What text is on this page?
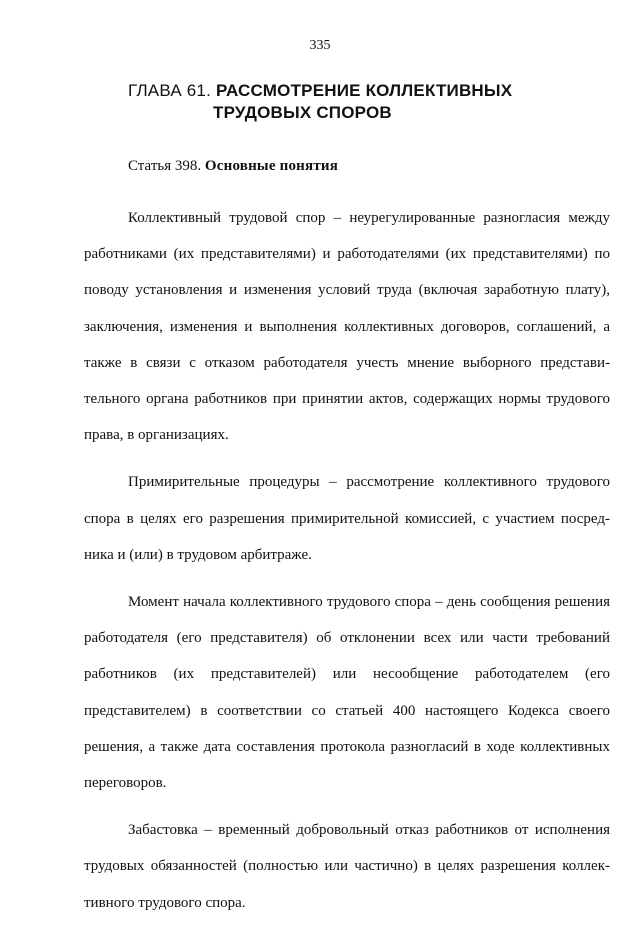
335
ГЛАВА 61. РАССМОТРЕНИЕ КОЛЛЕКТИВНЫХ
ТРУДОВЫХ СПОРОВ
Статья 398. Основные понятия

Коллективный трудовой спор – неурегулированные разногласия между работниками (их представителями) и работодателями (их представителями) по поводу установления и изменения условий труда (включая заработную плату), заключения, изменения и выполнения коллективных договоров, соглашений, а также в связи с отказом работодателя учесть мнение выборного представительного органа работников при принятии актов, содержащих нормы трудового права, в организациях.

Примирительные процедуры – рассмотрение коллективного трудового спора в целях его разрешения примирительной комиссией, с участием посредника и (или) в трудовом арбитраже.

Момент начала коллективного трудового спора – день сообщения решения работодателя (его представителя) об отклонении всех или части требований работников (их представителей) или несообщение работодателем (его представителем) в соответствии со статьей 400 настоящего Кодекса своего решения, а также дата составления протокола разногласий в ходе коллективных переговоров.

Забастовка – временный добровольный отказ работников от исполнения трудовых обязанностей (полностью или частично) в целях разрешения коллективного трудового спора.
